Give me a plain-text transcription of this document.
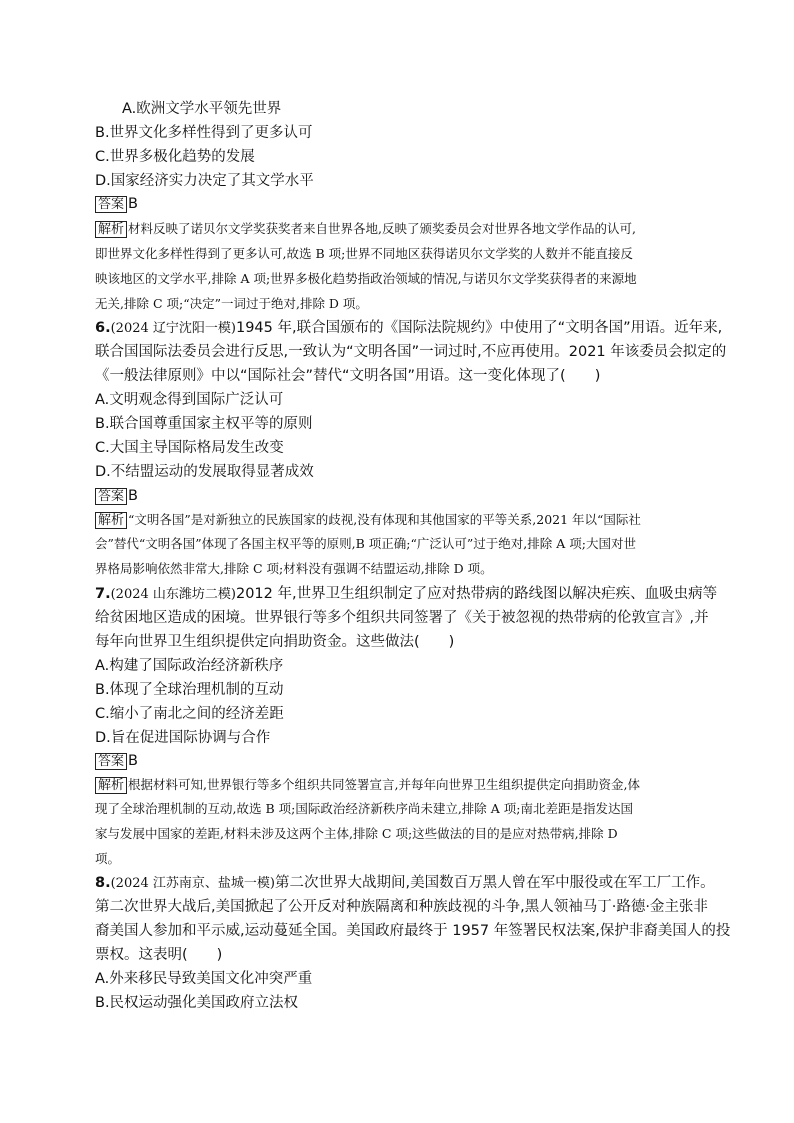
A.欧洲文学水平领先世界
B.世界文化多样性得到了更多认可
C.世界多极化趋势的发展
D.国家经济实力决定了其文学水平
答案 B
解析 材料反映了诺贝尔文学奖获奖者来自世界各地,反映了颁奖委员会对世界各地文学作品的认可,
即世界文化多样性得到了更多认可,故选 B 项;世界不同地区获得诺贝尔文学奖的人数并不能直接反
映该地区的文学水平,排除 A 项;世界多极化趋势指政治领域的情况,与诺贝尔文学奖获得者的来源地
无关,排除 C 项;“决定”一词过于绝对,排除 D 项。
6.(2024 辽宁沈阳一模)1945 年,联合国颁布的《国际法院规约》中使用了“文明各国”用语。近年来,
联合国国际法委员会进行反思,一致认为“文明各国”一词过时,不应再使用。2021 年该委员会拟定的
《一般法律原则》中以“国际社会”替代“文明各国”用语。这一变化体现了(　　)
A.文明观念得到国际广泛认可
B.联合国尊重国家主权平等的原则
C.大国主导国际格局发生改变
D.不结盟运动的发展取得显著成效
答案 B
解析 “文明各国”是对新独立的民族国家的歧视,没有体现和其他国家的平等关系,2021 年以“国际社
会”替代“文明各国”体现了各国主权平等的原则,B 项正确;“广泛认可”过于绝对,排除 A 项;大国对世
界格局影响依然非常大,排除 C 项;材料没有强调不结盟运动,排除 D 项。
7.(2024 山东潍坊二模)2012 年,世界卫生组织制定了应对热带病的路线图以解决疟疾、血吸虫病等
给贫困地区造成的困境。世界银行等多个组织共同签署了《关于被忽视的热带病的伦敦宣言》,并
每年向世界卫生组织提供定向捐助资金。这些做法(　　)
A.构建了国际政治经济新秩序
B.体现了全球治理机制的互动
C.缩小了南北之间的经济差距
D.旨在促进国际协调与合作
答案 B
解析 根据材料可知,世界银行等多个组织共同签署宣言,并每年向世界卫生组织提供定向捐助资金,体
现了全球治理机制的互动,故选 B 项;国际政治经济新秩序尚未建立,排除 A 项;南北差距是指发达国
家与发展中国家的差距,材料未涉及这两个主体,排除 C 项;这些做法的目的是应对热带病,排除 D
项。
8.(2024 江苏南京、盐城一模)第二次世界大战期间,美国数百万黑人曾在军中服役或在军工厂工作。
第二次世界大战后,美国掀起了公开反对种族隔离和种族歧视的斗争,黑人领袖马丁·路德·金主张非
裔美国人参加和平示威,运动蔓延全国。美国政府最终于 1957 年签署民权法案,保护非裔美国人的投
票权。这表明(　　)
A.外来移民导致美国文化冲突严重
B.民权运动强化美国政府立法权
